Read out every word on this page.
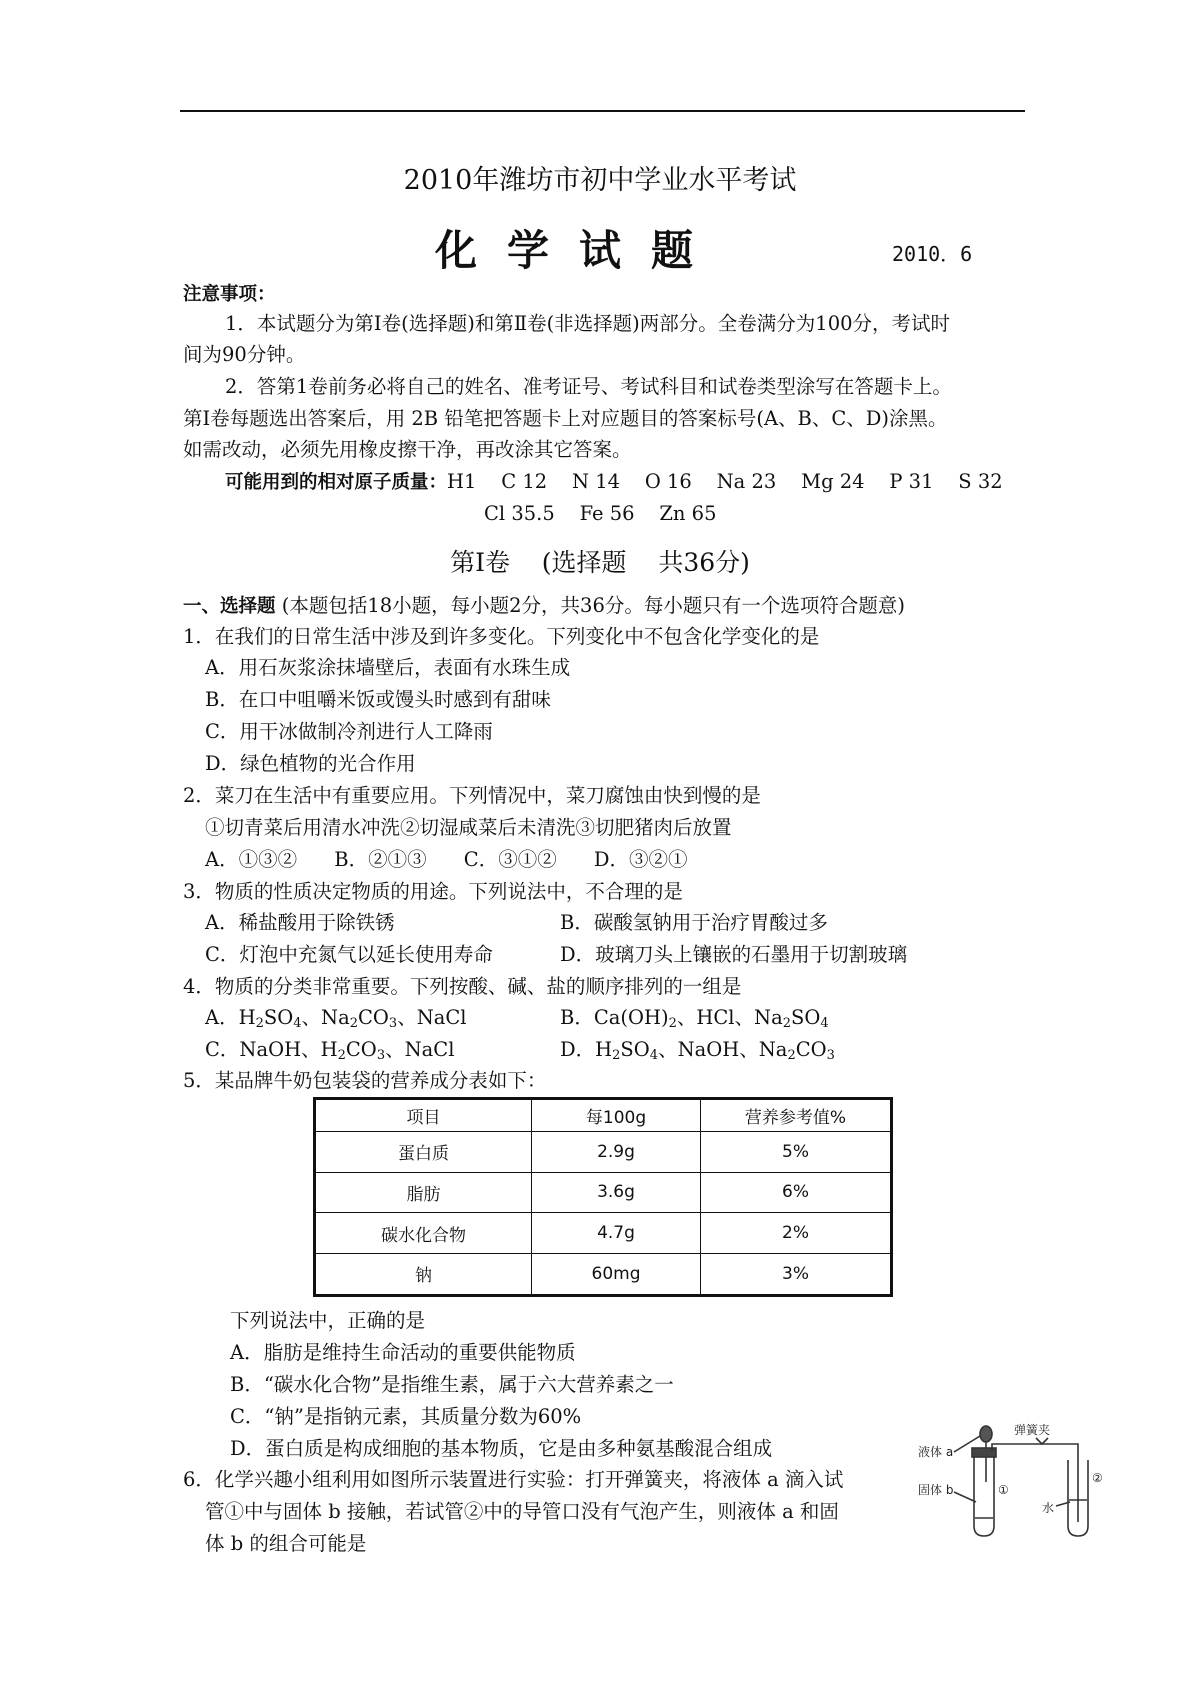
2010年潍坊市初中学业水平考试
化学试题	2010．6
注意事项：
1．本试题分为第Ⅰ卷(选择题)和第Ⅱ卷(非选择题)两部分。全卷满分为100分，考试时
间为90分钟。
2．答第1卷前务必将自己的姓名、准考证号、考试科目和试卷类型涂写在答题卡上。
第Ⅰ卷每题选出答案后，用 2B 铅笔把答题卡上对应题目的答案标号(A、B、C、D)涂黑。
如需改动，必须先用橡皮擦干净，再改涂其它答案。
可能用到的相对原子质量：H1    C 12    N 14    O 16    Na 23    Mg 24    P 31    S 32
Cl 35.5    Fe 56    Zn 65
第Ⅰ卷    (选择题    共36分)
一、选择题 (本题包括18小题，每小题2分，共36分。每小题只有一个选项符合题意)
1．在我们的日常生活中涉及到许多变化。下列变化中不包含化学变化的是
A．用石灰浆涂抹墙壁后，表面有水珠生成
B．在口中咀嚼米饭或馒头时感到有甜味
C．用干冰做制冷剂进行人工降雨
D．绿色植物的光合作用
2．菜刀在生活中有重要应用。下列情况中，菜刀腐蚀由快到慢的是
①切青菜后用清水冲洗②切湿咸菜后未清洗③切肥猪肉后放置
A．①③②      B．②①③      C．③①②      D．③②①
3．物质的性质决定物质的用途。下列说法中，不合理的是
A．稀盐酸用于除铁锈	B．碳酸氢钠用于治疗胃酸过多
C．灯泡中充氮气以延长使用寿命	D．玻璃刀头上镶嵌的石墨用于切割玻璃
4．物质的分类非常重要。下列按酸、碱、盐的顺序排列的一组是
A．$H_2SO_4$、$Na_2CO_3$、NaCl	B．$Ca(OH)_2$、HCl、$Na_2SO_4$
C．NaOH、$H_2CO_3$、NaCl	D．$H_2SO_4$、NaOH、$Na_2CO_3$
5．某品牌牛奶包装袋的营养成分表如下：
项目	每100g	营养参考值%
蛋白质	2.9g	5%
脂肪	3.6g	6%
碳水化合物	4.7g	2%
钠	60mg	3%
下列说法中，正确的是
A．脂肪是维持生命活动的重要供能物质
B．“碳水化合物”是指维生素，属于六大营养素之一
C．“钠”是指钠元素，其质量分数为60%
D．蛋白质是构成细胞的基本物质，它是由多种氨基酸混合组成
6．化学兴趣小组利用如图所示装置进行实验：打开弹簧夹，将液体 a 滴入试
管①中与固体 b 接触，若试管②中的导管口没有气泡产生，则液体 a 和固
体 b 的组合可能是
液体 a
弹簧夹
固体 b	①
水
②
